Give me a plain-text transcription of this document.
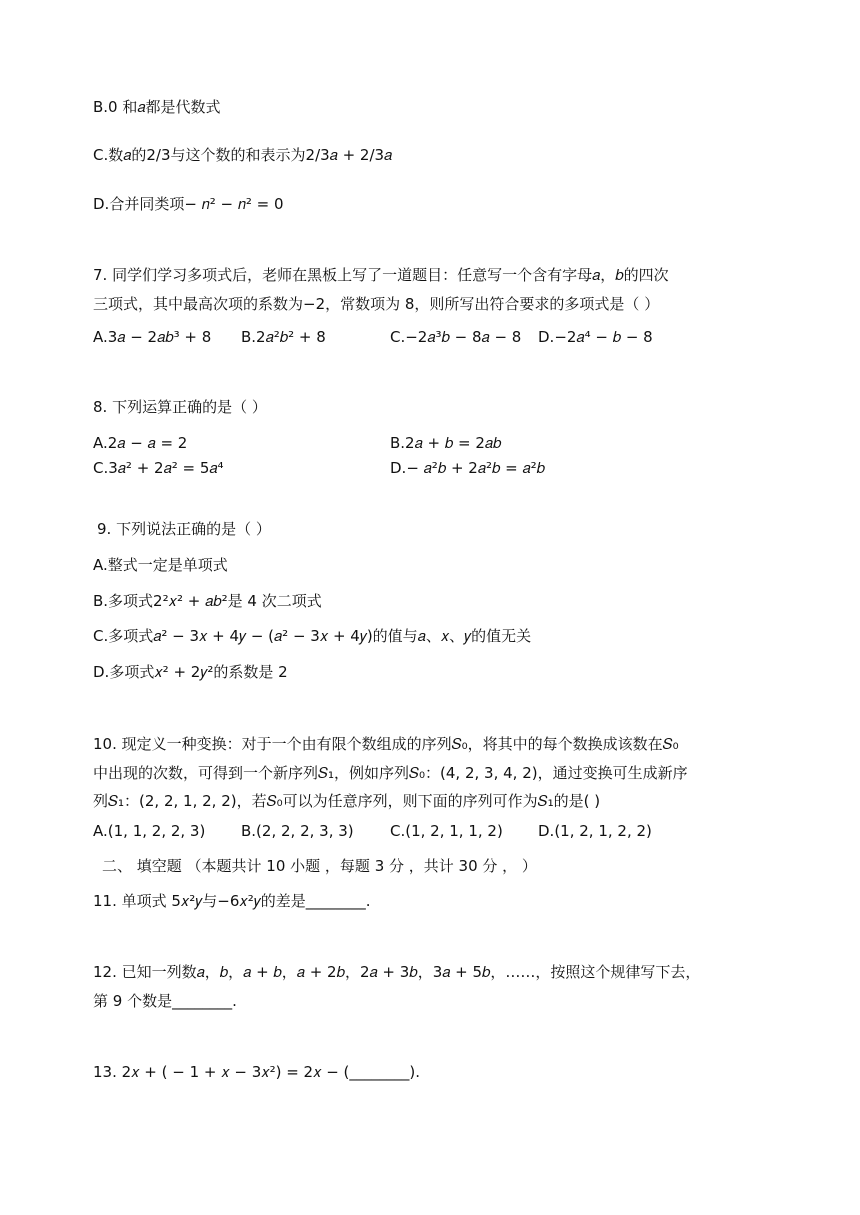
B.0 和𝑎都是代数式
C.数𝑎的2/3与这个数的和表示为2/3𝑎 + 2/3𝑎
D.合并同类项− 𝑛² − 𝑛² = 0
7. 同学们学习多项式后，老师在黑板上写了一道题目：任意写一个含有字母𝑎，𝑏的四次
三项式，其中最高次项的系数为−2，常数项为 8，则所写出符合要求的多项式是（ ）
A.3𝑎 − 2𝑎𝑏³ + 8 B.2𝑎²𝑏² + 8	C.−2𝑎³𝑏 − 8𝑎 − 8 D.−2𝑎⁴ − 𝑏 − 8
8. 下列运算正确的是（ ）
A.2𝑎 − 𝑎 = 2	B.2𝑎 + 𝑏 = 2𝑎𝑏
C.3𝑎² + 2𝑎² = 5𝑎⁴	D.− 𝑎²𝑏 + 2𝑎²𝑏 = 𝑎²𝑏
9. 下列说法正确的是（ ）
A.整式一定是单项式
B.多项式2²𝑥² + 𝑎𝑏²是 4 次二项式
C.多项式𝑎² − 3𝑥 + 4𝑦 − (𝑎² − 3𝑥 + 4𝑦)的值与𝑎、𝑥、𝑦的值无关
D.多项式𝑥² + 2𝑦²的系数是 2
10. 现定义一种变换：对于一个由有限个数组成的序列𝑆₀，将其中的每个数换成该数在𝑆₀
中出现的次数，可得到一个新序列𝑆₁，例如序列𝑆₀：(4, 2, 3, 4, 2)，通过变换可生成新序
列𝑆₁：(2, 2, 1, 2, 2)，若𝑆₀可以为任意序列，则下面的序列可作为𝑆₁的是( )
A.(1, 1, 2, 2, 3) B.(2, 2, 2, 3, 3) C.(1, 2, 1, 1, 2) D.(1, 2, 1, 2, 2)
二、 填空题 （本题共计 10 小题 ，每题 3 分 ，共计 30 分 ， ）
11. 单项式 5𝑥²𝑦与−6𝑥²𝑦的差是________.
12. 已知一列数𝑎，𝑏，𝑎 + 𝑏，𝑎 + 2𝑏，2𝑎 + 3𝑏，3𝑎 + 5𝑏，……，按照这个规律写下去，
第 9 个数是________.
13. 2𝑥 + ( − 1 + 𝑥 − 3𝑥²) = 2𝑥 − (________).
